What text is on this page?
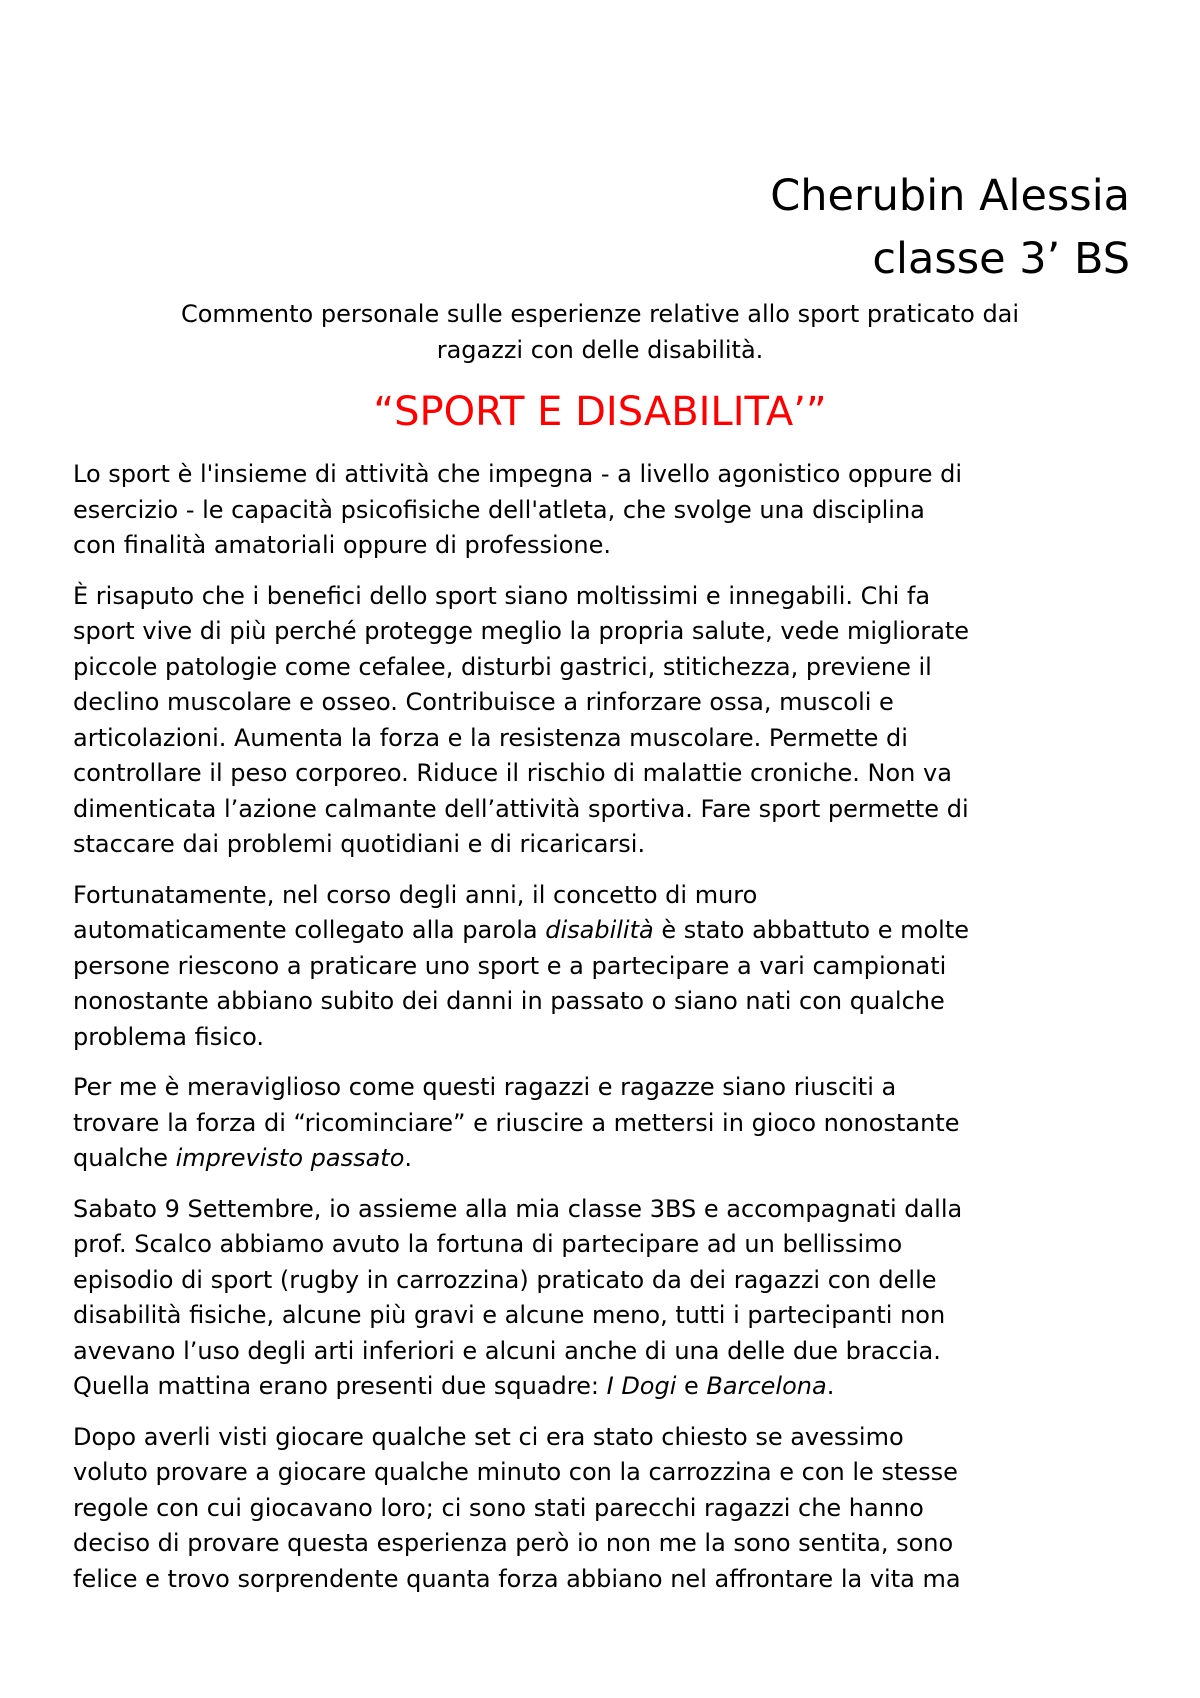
Cherubin Alessia
classe 3’ BS
Commento personale sulle esperienze relative allo sport praticato dai
ragazzi con delle disabilità.
“SPORT E DISABILITA’”

Lo sport è l'insieme di attività che impegna - a livello agonistico oppure di
esercizio - le capacità psicofisiche dell'atleta, che svolge una disciplina
con finalità amatoriali oppure di professione.

È risaputo che i benefici dello sport siano moltissimi e innegabili. Chi fa
sport vive di più perché protegge meglio la propria salute, vede migliorate
piccole patologie come cefalee, disturbi gastrici, stitichezza, previene il
declino muscolare e osseo. Contribuisce a rinforzare ossa, muscoli e
articolazioni. Aumenta la forza e la resistenza muscolare. Permette di
controllare il peso corporeo. Riduce il rischio di malattie croniche. Non va
dimenticata l’azione calmante dell’attività sportiva. Fare sport permette di
staccare dai problemi quotidiani e di ricaricarsi.

Fortunatamente, nel corso degli anni, il concetto di muro
automaticamente collegato alla parola disabilità è stato abbattuto e molte
persone riescono a praticare uno sport e a partecipare a vari campionati
nonostante abbiano subito dei danni in passato o siano nati con qualche
problema fisico.

Per me è meraviglioso come questi ragazzi e ragazze siano riusciti a
trovare la forza di “ricominciare” e riuscire a mettersi in gioco nonostante
qualche imprevisto passato.

Sabato 9 Settembre, io assieme alla mia classe 3BS e accompagnati dalla
prof. Scalco abbiamo avuto la fortuna di partecipare ad un bellissimo
episodio di sport (rugby in carrozzina) praticato da dei ragazzi con delle
disabilità fisiche, alcune più gravi e alcune meno, tutti i partecipanti non
avevano l’uso degli arti inferiori e alcuni anche di una delle due braccia.
Quella mattina erano presenti due squadre: I Dogi e Barcelona.

Dopo averli visti giocare qualche set ci era stato chiesto se avessimo
voluto provare a giocare qualche minuto con la carrozzina e con le stesse
regole con cui giocavano loro; ci sono stati parecchi ragazzi che hanno
deciso di provare questa esperienza però io non me la sono sentita, sono
felice e trovo sorprendente quanta forza abbiano nel affrontare la vita ma
